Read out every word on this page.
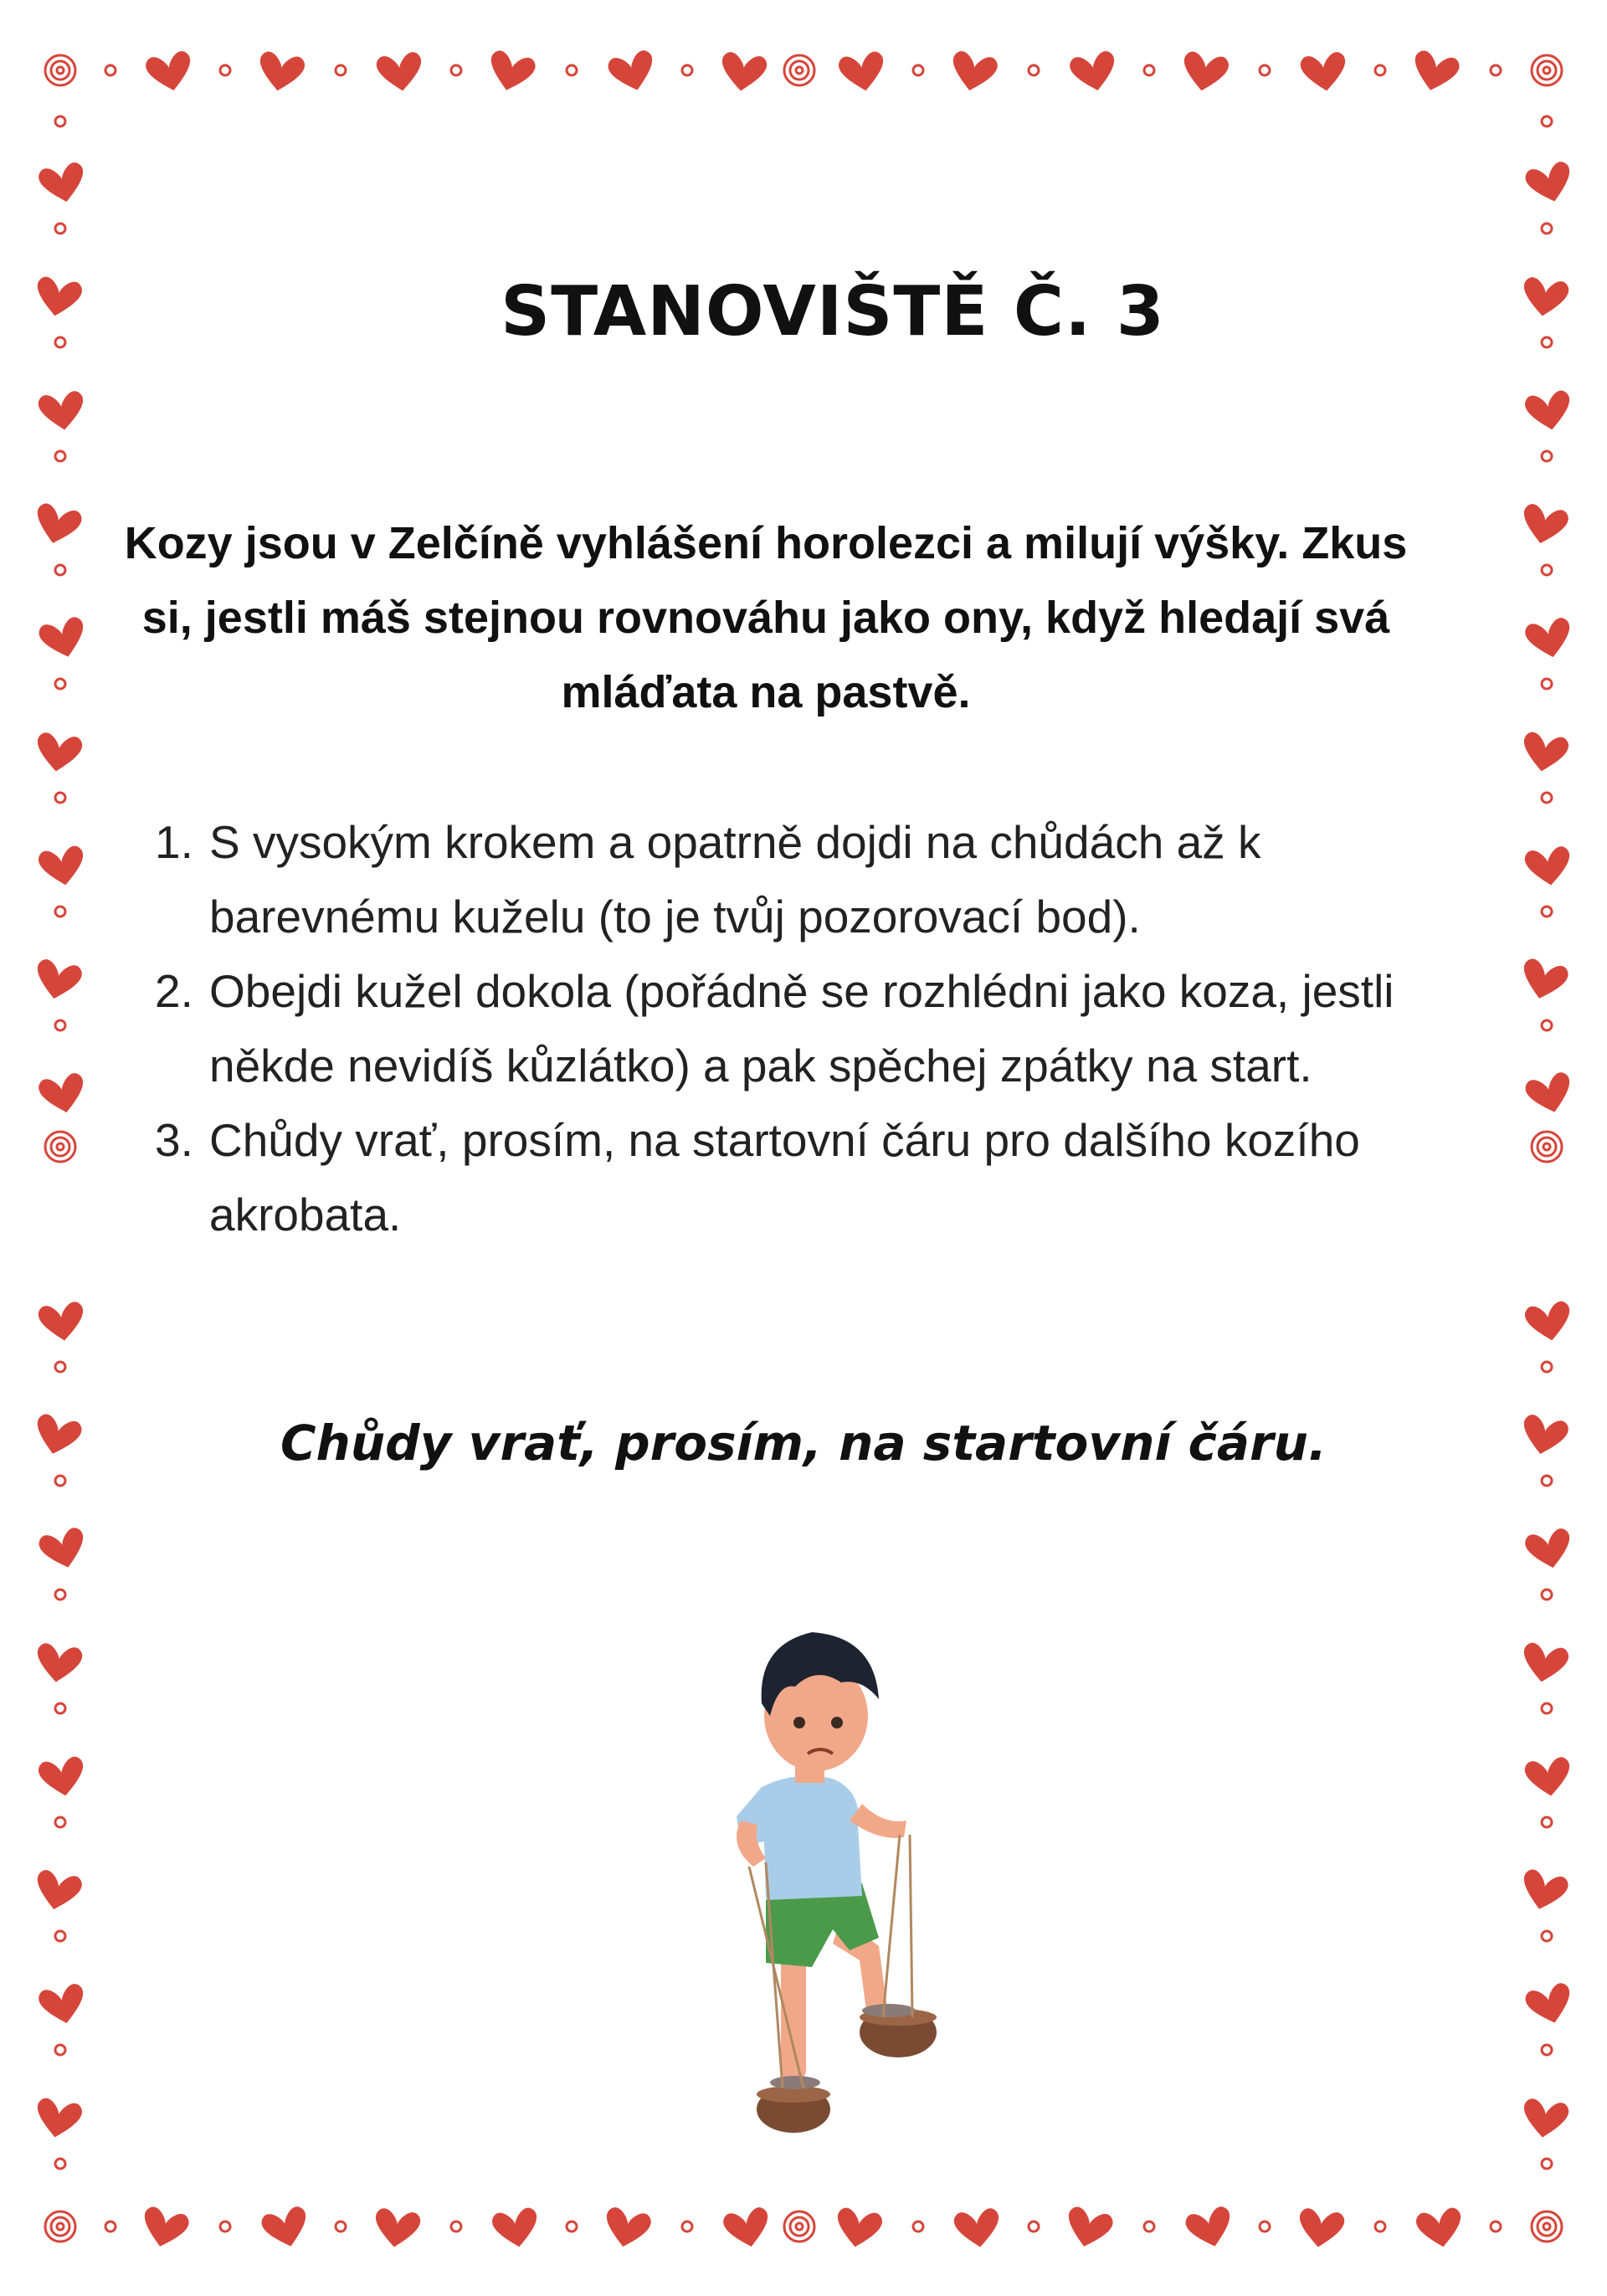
STANOVIŠTĚ Č. 3
Kozy jsou v Zelčíně vyhlášení horolezci a milují výšky. Zkus si, jestli máš stejnou rovnováhu jako ony, když hledají svá mláďata na pastvě.
1. S vysokým krokem a opatrně dojdi na chůdách až k barevnému kuželu (to je tvůj pozorovací bod).
2. Obejdi kužel dokola (pořádně se rozhlédni jako koza, jestli někde nevidíš kůzlátko) a pak spěchej zpátky na start.
3. Chůdy vrať, prosím, na startovní čáru pro dalšího kozího akrobata.
Chůdy vrať, prosím, na startovní čáru.
